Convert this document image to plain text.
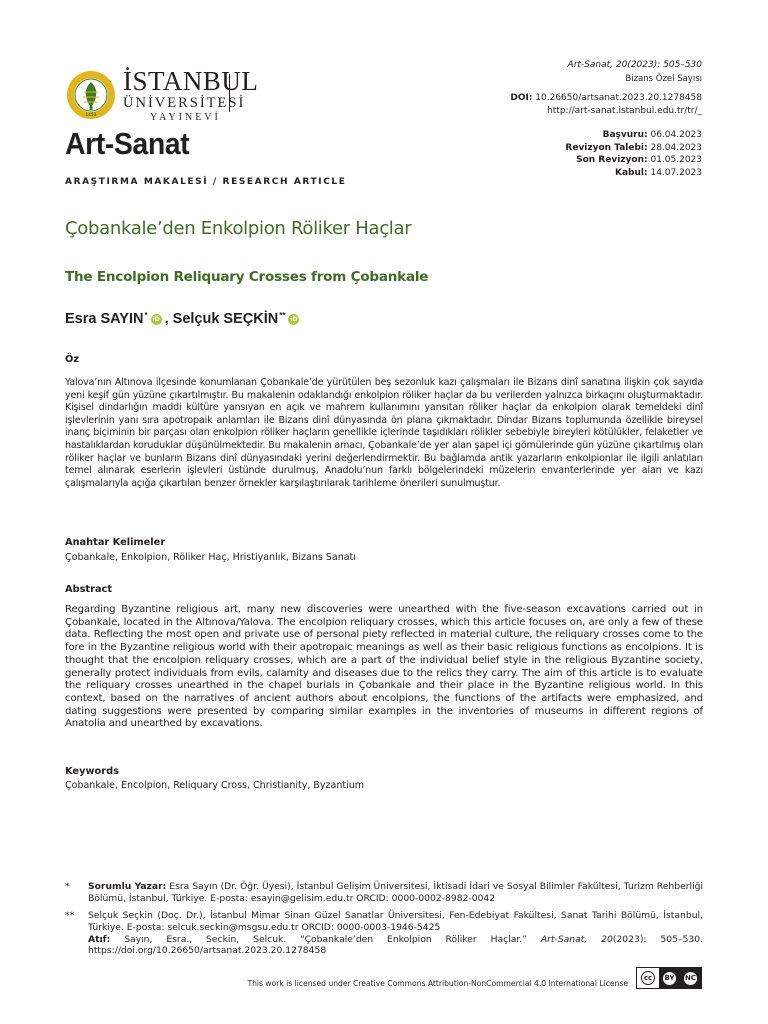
1453
İSTANBUL
ÜNİVERSİTESİ
YAYINEVİ
Art-Sanat
ARAŞTIRMA MAKALESİ / RESEARCH ARTICLE
Art-Sanat, 20(2023): 505–530
Bizans Özel Sayısı
DOI: 10.26650/artsanat.2023.20.1278458
http://art-sanat.istanbul.edu.tr/tr/_
Başvuru: 06.04.2023
Revizyon Talebi: 28.04.2023
Son Revizyon: 01.05.2023
Kabul: 14.07.2023
Çobankale’den Enkolpion Röliker Haçlar
The Encolpion Reliquary Crosses from Çobankale
Esra SAYIN* iD ,
Selçuk SEÇKİN** iD
Öz
Yalova’nın Altınova ilçesinde konumlanan Çobankale’de yürütülen beş sezonluk kazı çalışmaları ile Bizans dinî sanatına ilişkin çok sayıda yeni keşif gün yüzüne çıkartılmıştır. Bu makalenin odaklandığı enkolpion röliker haçlar da bu verilerden yalnızca birkaçını oluşturmaktadır. Kişisel dindarlığın maddi kültüre yansıyan en açık ve mahrem kullanımını yansıtan röliker haçlar da enkolpion olarak temeldeki dinî işlevlerinin yanı sıra apotropaik anlamları ile Bizans dinî dünyasında ön plana çıkmaktadır. Dindar Bizans toplumunda özellikle bireysel inanç biçiminin bir parçası olan enkolpion röliker haçların genellikle içlerinde taşıdıkları rölikler sebebiyle bireyleri kötülükler, felaketler ve hastalıklardan koruduklar düşünülmektedir. Bu makalenin amacı, Çobankale’de yer alan şapel içi gömülerinde gün yüzüne çıkartılmış olan röliker haçlar ve bunların Bizans dinî dünyasındaki yerini değerlendirmektir. Bu bağlamda antik yazarların enkolpionlar ile ilgili anlatıları temel alınarak eserlerin işlevleri üstünde durulmuş, Anadolu’nun farklı bölgelerindeki müzelerin envanterlerinde yer alan ve kazı çalışmalarıyla açığa çıkartılan benzer örnekler karşılaştırılarak tarihleme önerileri sunulmuştur.
Anahtar Kelimeler
Çobankale, Enkolpion, Röliker Haç, Hristiyanlık, Bizans Sanatı
Abstract
Regarding Byzantine religious art, many new discoveries were unearthed with the five-season excavations carried out in Çobankale, located in the Altınova/Yalova. The encolpion reliquary crosses, which this article focuses on, are only a few of these data. Reflecting the most open and private use of personal piety reflected in material culture, the reliquary crosses come to the fore in the Byzantine religious world with their apotropaic meanings as well as their basic religious functions as encolpions. It is thought that the encolpion reliquary crosses, which are a part of the individual belief style in the religious Byzantine society, generally protect individuals from evils, calamity and diseases due to the relics they carry. The aim of this article is to evaluate the reliquary crosses unearthed in the chapel burials in Çobankale and their place in the Byzantine religious world. In this context, based on the narratives of ancient authors about encolpions, the functions of the artifacts were emphasized, and dating suggestions were presented by comparing similar examples in the inventories of museums in different regions of Anatolia and unearthed by excavations.
Keywords
Çobankale, Encolpion, Reliquary Cross, Christianity, Byzantium
* Sorumlu Yazar: Esra Sayın (Dr. Öğr. Üyesi), İstanbul Gelişim Üniversitesi, İktisadi İdari ve Sosyal Bilimler Fakültesi, Turizm Rehberliği Bölümü, İstanbul, Türkiye. E-posta: esayin@gelisim.edu.tr ORCID: 0000-0002-8982-0042
** Selçuk Seçkin (Doç. Dr.), İstanbul Mimar Sinan Güzel Sanatlar Üniversitesi, Fen-Edebiyat Fakültesi, Sanat Tarihi Bölümü, İstanbul, Türkiye. E-posta: selcuk.seckin@msgsu.edu.tr ORCID: 0000-0003-1946-5425
Atıf: Sayın, Esra., Seckin, Selcuk. “Çobankale’den Enkolpion Röliker Haçlar.” Art-Sanat, 20(2023): 505–530. https://doi.org/10.26650/artsanat.2023.20.1278458
This work is licensed under Creative Commons Attribution-NonCommercial 4.0 International License
cc	BY NC
